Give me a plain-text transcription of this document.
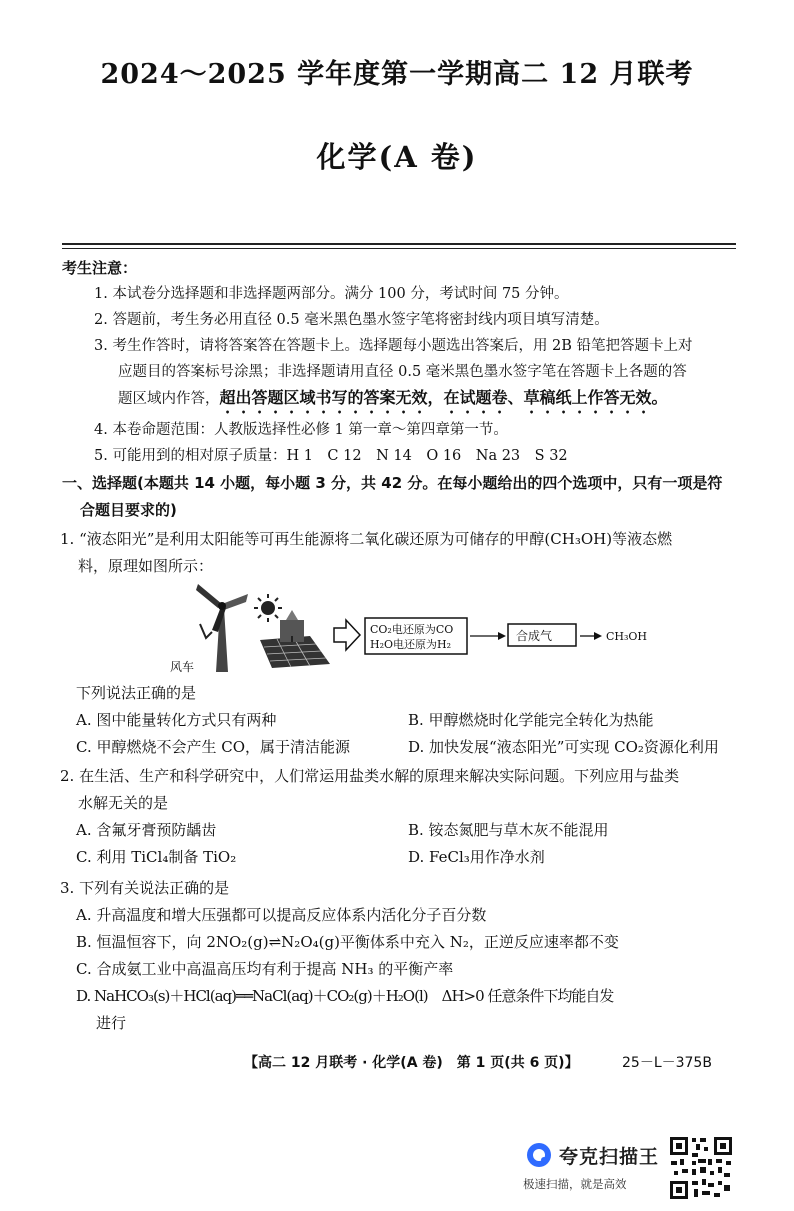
2024～2025 学年度第一学期高二 12 月联考
化学(A 卷)
考生注意：
1. 本试卷分选择题和非选择题两部分。满分 100 分，考试时间 75 分钟。
2. 答题前，考生务必用直径 0.5 毫米黑色墨水签字笔将密封线内项目填写清楚。
3. 考生作答时，请将答案答在答题卡上。选择题每小题选出答案后，用 2B 铅笔把答题卡上对
应题目的答案标号涂黑；非选择题请用直径 0.5 毫米黑色墨水签字笔在答题卡上各题的答
题区域内作答，超出答题区域书写的答案无效，在试题卷、草稿纸上作答无效。
4. 本卷命题范围：人教版选择性必修 1 第一章～第四章第一节。
5. 可能用到的相对原子质量：H 1　C 12　N 14　O 16　Na 23　S 32
一、选择题(本题共 14 小题，每小题 3 分，共 42 分。在每小题给出的四个选项中，只有一项是符
合题目要求的)
1. “液态阳光”是利用太阳能等可再生能源将二氧化碳还原为可储存的甲醇(CH₃OH)等液态燃
料，原理如图所示：
风车
CO₂电还原为CO
H₂O电还原为H₂
合成气	CH₃OH
下列说法正确的是
A. 图中能量转化方式只有两种	B. 甲醇燃烧时化学能完全转化为热能
C. 甲醇燃烧不会产生 CO，属于清洁能源	D. 加快发展“液态阳光”可实现 CO₂资源化利用
2. 在生活、生产和科学研究中，人们常运用盐类水解的原理来解决实际问题。下列应用与盐类
水解无关的是
A. 含氟牙膏预防龋齿	B. 铵态氮肥与草木灰不能混用
C. 利用 TiCl₄制备 TiO₂	D. FeCl₃用作净水剂
3. 下列有关说法正确的是
A. 升高温度和增大压强都可以提高反应体系内活化分子百分数
B. 恒温恒容下，向 2NO₂(g)⇌N₂O₄(g)平衡体系中充入 N₂，正逆反应速率都不变
C. 合成氨工业中高温高压均有利于提高 NH₃ 的平衡产率
D. NaHCO₃(s)＋HCl(aq)══NaCl(aq)＋CO₂(g)＋H₂O(l)　ΔH>0 任意条件下均能自发
进行
【高二 12 月联考 · 化学(A 卷)　第 1 页(共 6 页)】	25－L－375B
夸克扫描王
极速扫描，就是高效
